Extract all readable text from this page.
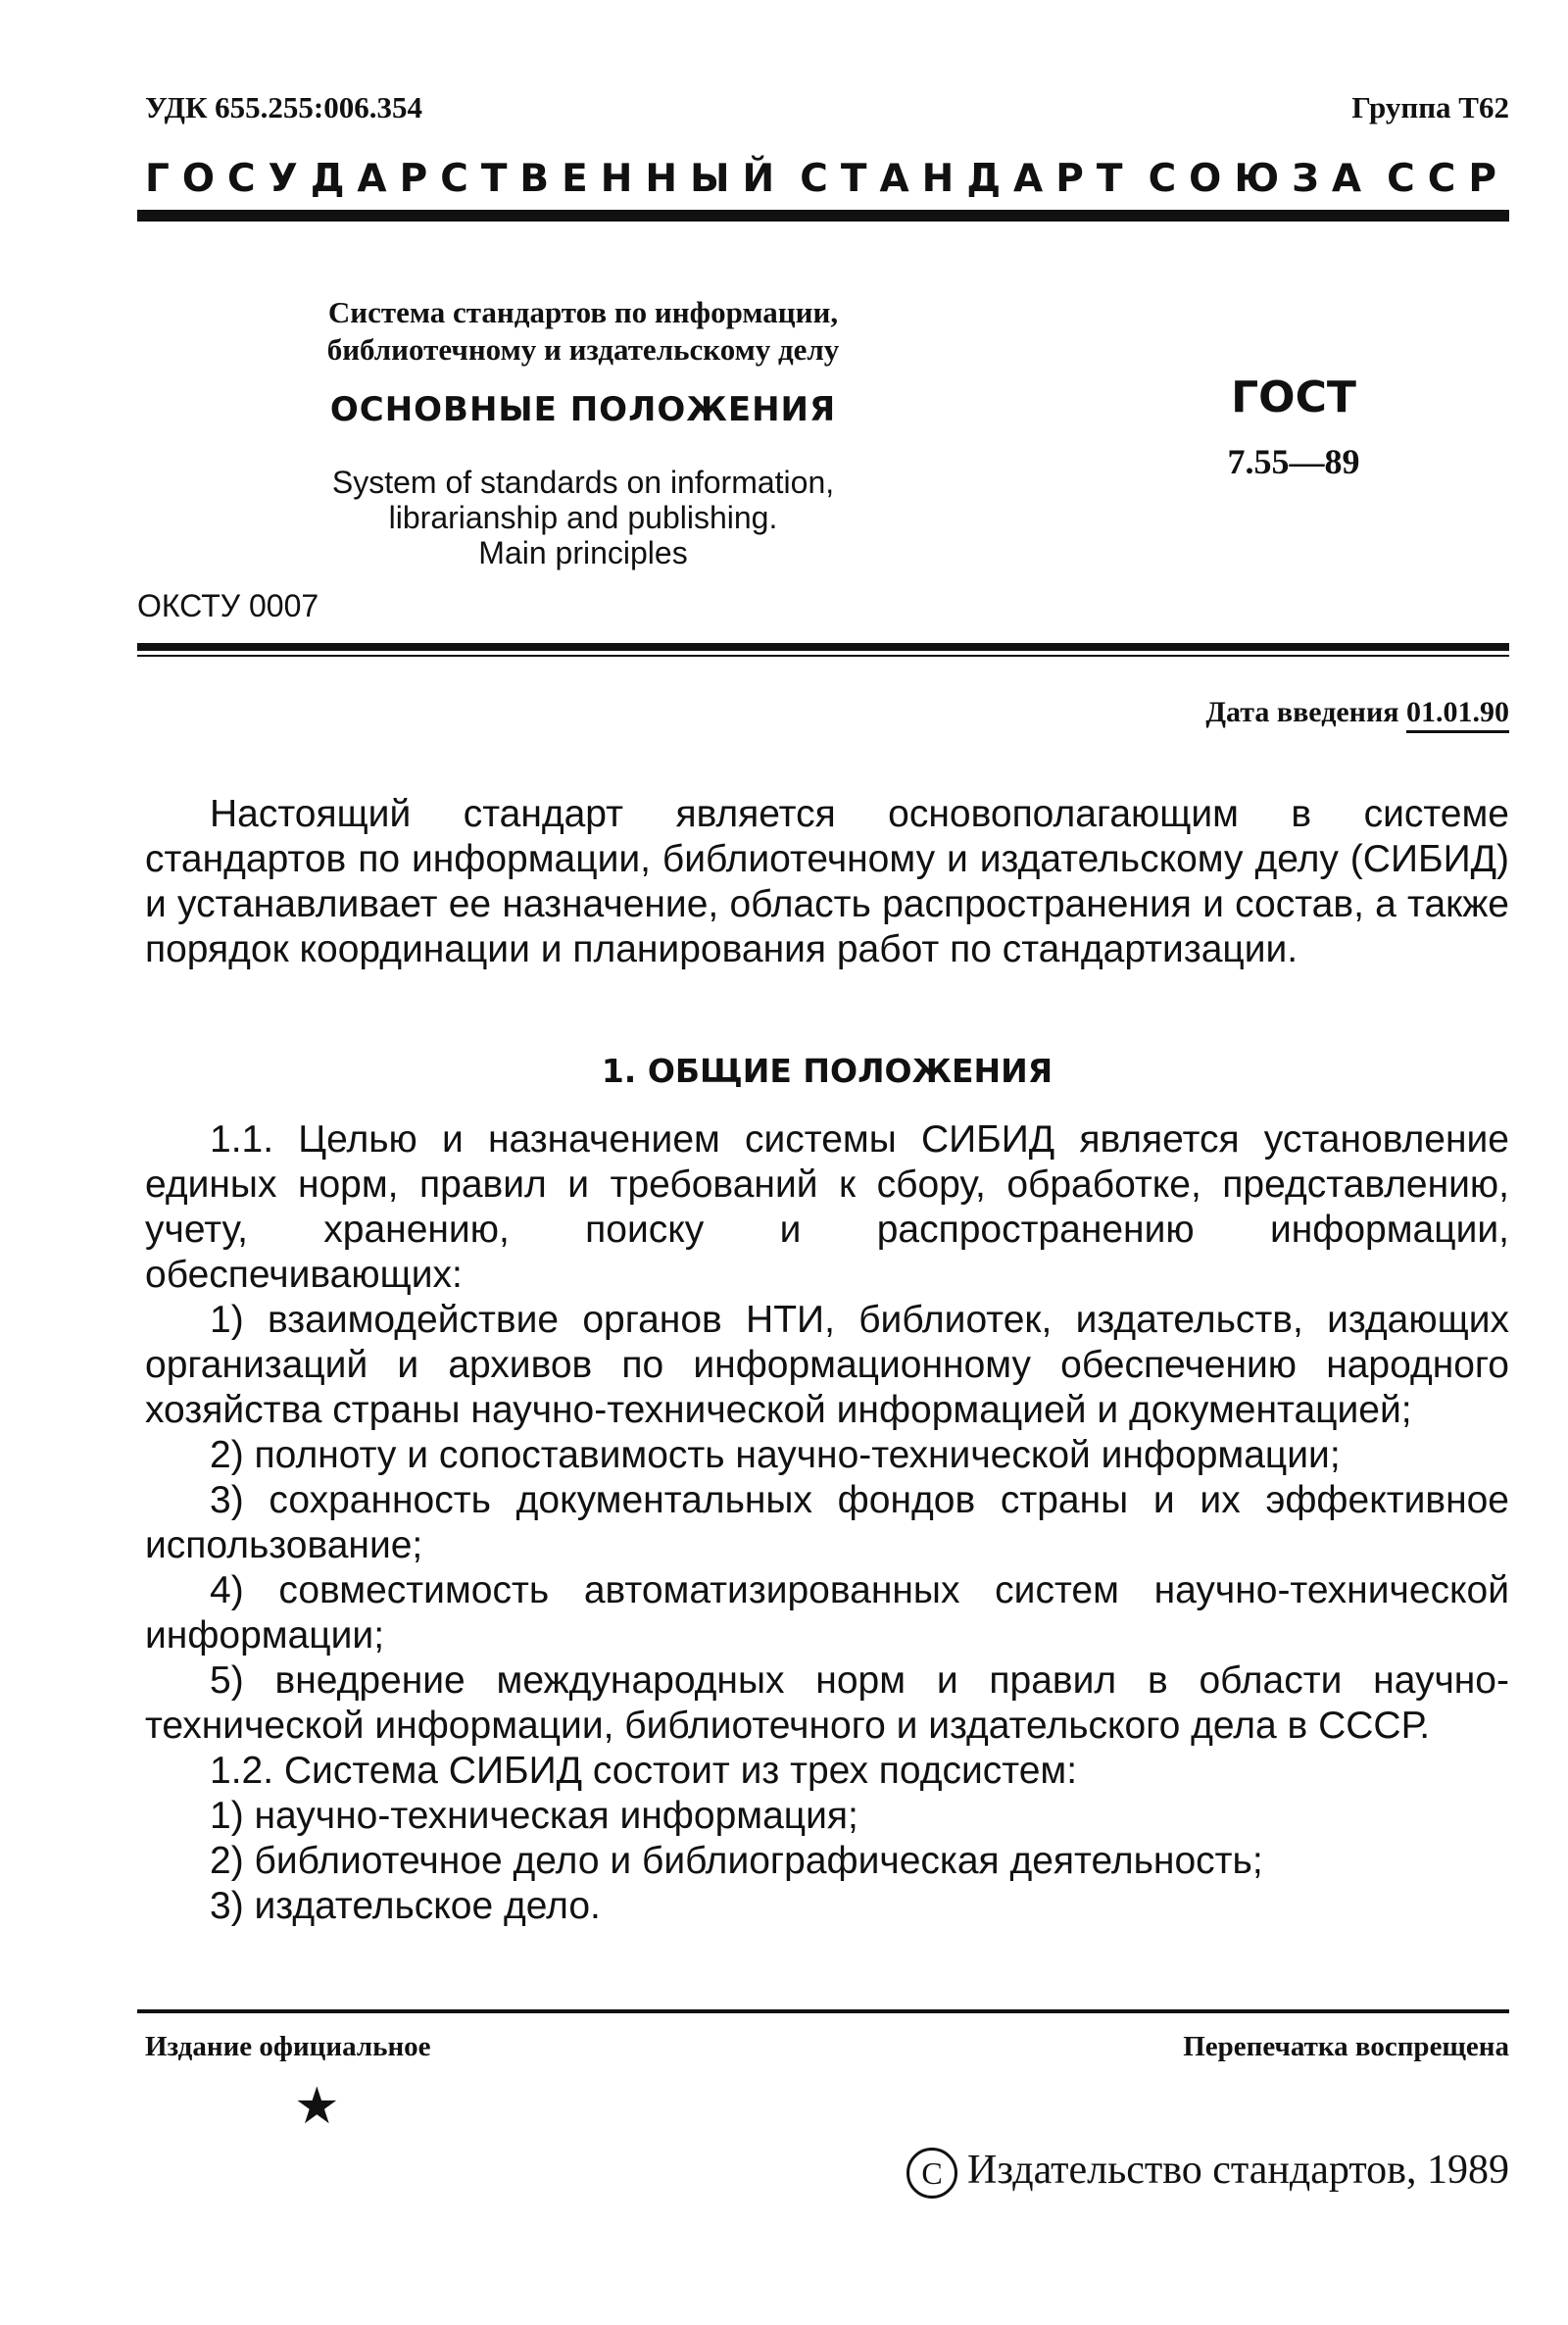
УДК 655.255:006.354	Группа Т62
ГОСУДАРСТВЕННЫЙ СТАНДАРТ СОЮЗА ССР
Система стандартов по информации,
библиотечному и издательскому делу
ОСНОВНЫЕ ПОЛОЖЕНИЯ
System of standards on information,
librarianship and publishing.
Main principles
ГОСТ
7.55—89
ОКСТУ 0007
Дата введения 01.01.90

Настоящий стандарт является основополагающим в системе стандартов по информации, библиотечному и издательскому делу (СИБИД) и устанавливает ее назначение, область распространения и состав, а также порядок координации и планирования работ по стандартизации.

1. ОБЩИЕ ПОЛОЖЕНИЯ

1.1. Целью и назначением системы СИБИД является установление единых норм, правил и требований к сбору, обработке, представлению, учету, хранению, поиску и распространению информации, обеспечивающих:

1) взаимодействие органов НТИ, библиотек, издательств, издающих организаций и архивов по информационному обеспечению народного хозяйства страны научно-технической информацией и документацией;

2) полноту и сопоставимость научно-технической информации;

3) сохранность документальных фондов страны и их эффективное использование;

4) совместимость автоматизированных систем научно-технической информации;

5) внедрение международных норм и правил в области научно-технической информации, библиотечного и издательского дела в СССР.

1.2. Система СИБИД состоит из трех подсистем:

1) научно-техническая информация;

2) библиотечное дело и библиографическая деятельность;

3) издательское дело.

Издание официальное	Перепечатка воспрещена
★
С Издательство стандартов, 1989
